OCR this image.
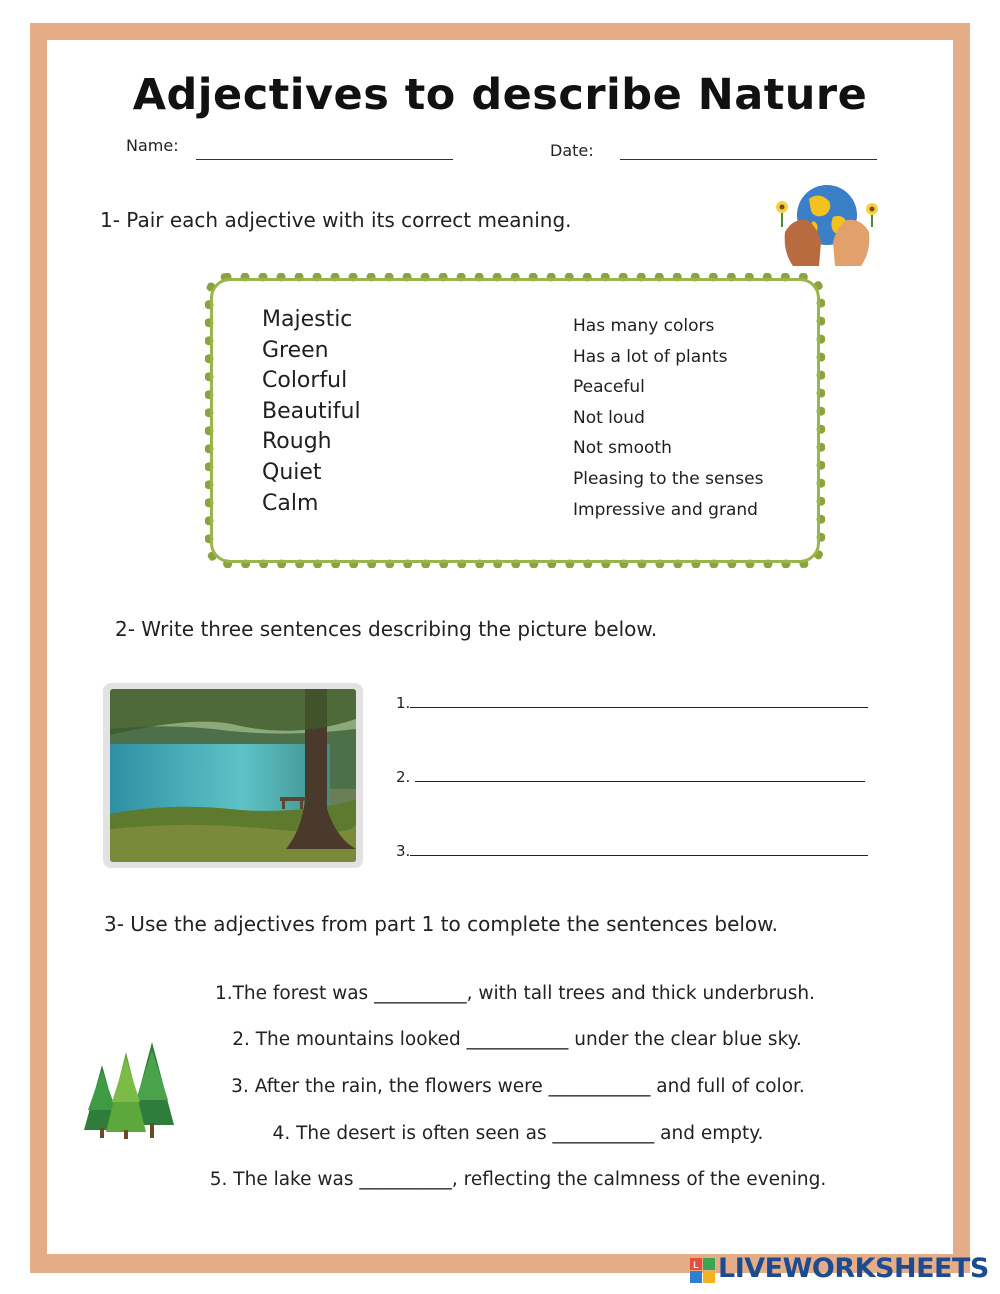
Adjectives to describe Nature
Name:	Date:
1- Pair each adjective with its correct meaning.
Majestic
Green
Colorful
Beautiful
Rough
Quiet
Calm
Has many colors
Has a lot of plants
Peaceful
Not loud
Not smooth
Pleasing to the senses
Impressive and grand
2- Write three sentences describing the picture below.
1.
2.
3.
3- Use the adjectives from part 1 to complete the sentences below.
1.The forest was __________, with tall trees and thick underbrush.
2. The mountains looked ___________ under the clear blue sky.
3. After the rain, the flowers were ___________ and full of color.
4. The desert is often seen as ___________ and empty.
5. The lake was __________, reflecting the calmness of the evening.
L LIVEWORKSHEETS
